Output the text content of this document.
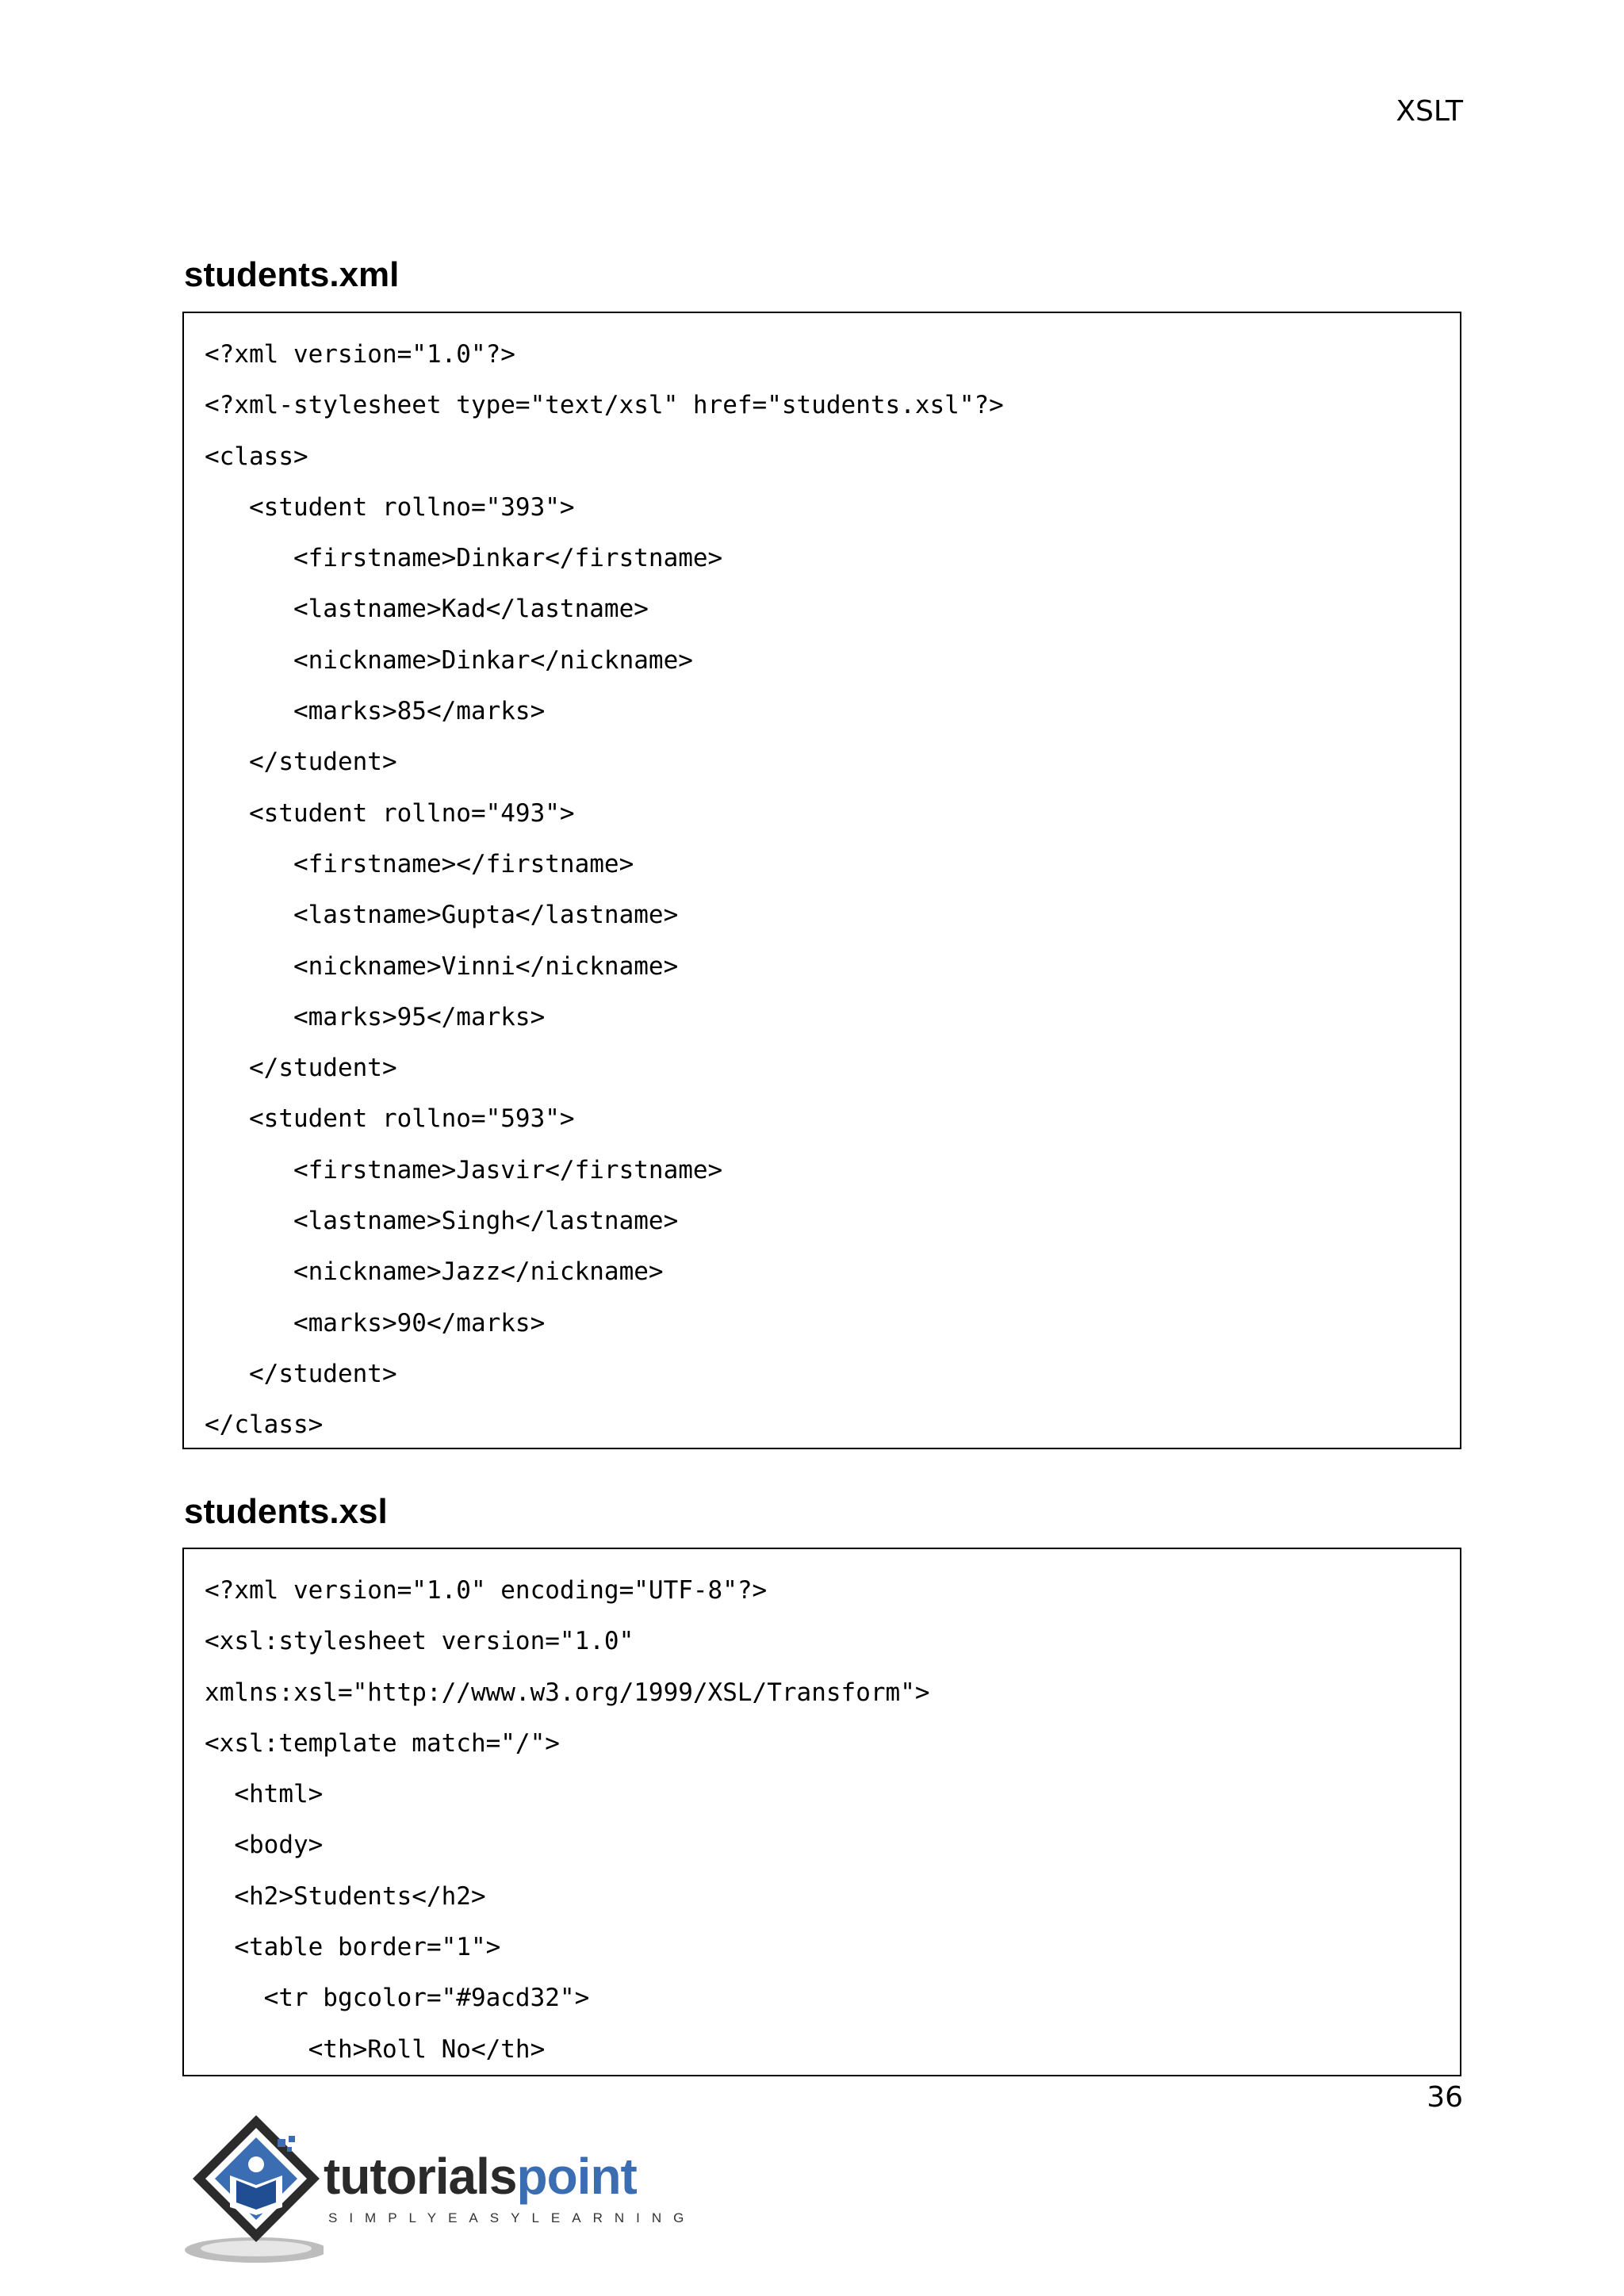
XSLT
students.xml
<?xml version="1.0"?>
<?xml-stylesheet type="text/xsl" href="students.xsl"?>
<class>
<student rollno="393">
<firstname>Dinkar</firstname>
<lastname>Kad</lastname>
<nickname>Dinkar</nickname>
<marks>85</marks>
</student>
<student rollno="493">
<firstname></firstname>
<lastname>Gupta</lastname>
<nickname>Vinni</nickname>
<marks>95</marks>
</student>
<student rollno="593">
<firstname>Jasvir</firstname>
<lastname>Singh</lastname>
<nickname>Jazz</nickname>
<marks>90</marks>
</student>
</class>
students.xsl
<?xml version="1.0" encoding="UTF-8"?>
<xsl:stylesheet version="1.0"
xmlns:xsl="http://www.w3.org/1999/XSL/Transform">
<xsl:template match="/">
<html>
<body>
<h2>Students</h2>
<table border="1">
<tr bgcolor="#9acd32">
<th>Roll No</th>
36
tutorialspoint
SIMPLYEASYLEARNING
